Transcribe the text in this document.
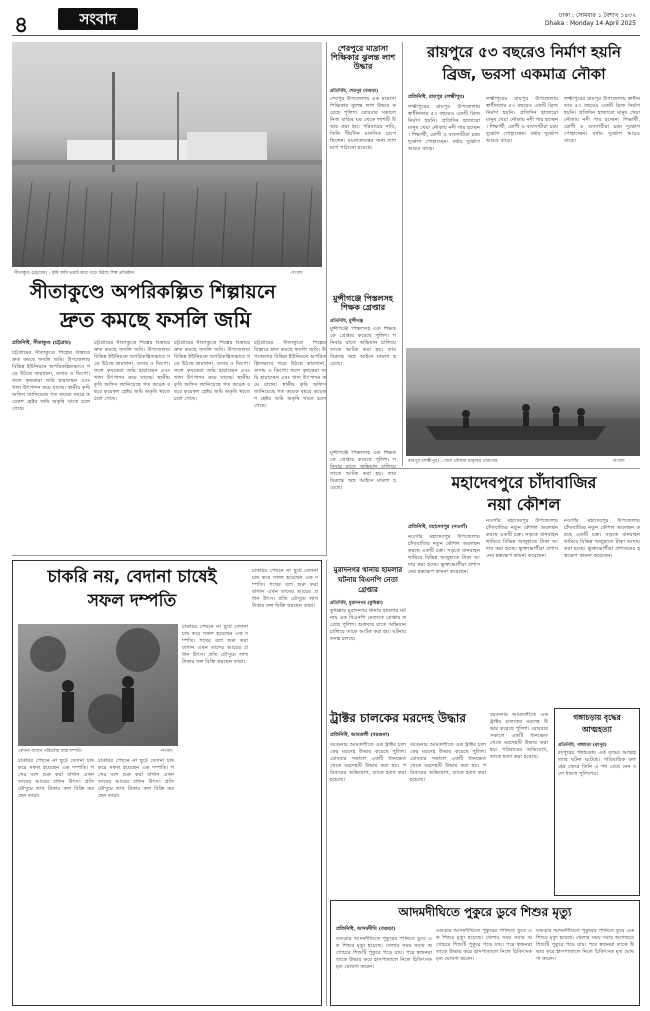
৪	সংবাদ	ঢাকা : সোমবার ১ বৈশাখ ১৪৩২
Dhaka : Monday 14 April 2025
সীতাকুণ্ড (চট্টগ্রাম) : কৃষি জমি ভরাট করে গড়ে উঠছে শিল্প প্রতিষ্ঠান	-সংবাদ
সীতাকুণ্ডে অপরিকল্পিত শিল্পায়নে
দ্রুত কমছে ফসলি জমি
প্রতিনিধি, সীতাকুণ্ড (চট্টগ্রাম)
চট্টগ্রামের সীতাকুণ্ডে শিল্পের বিস্তারে দ্রুত কমছে ফসলি জমি। উপজেলার বিভিন্ন ইউনিয়নে অপরিকল্পিতভাবে গড়ে উঠছে কারখানা, গুদাম ও ডিপো। ফলে কৃষকেরা জমি হারাচ্ছেন এবং খাদ্য উৎপাদন কমে যাচ্ছে। স্থানীয় কৃষি অফিস জানিয়েছে গত কয়েক বছরে কয়েকশ হেক্টর জমি অকৃষি খাতে চলে গেছে।
চট্টগ্রামের সীতাকুণ্ডে শিল্পের বিস্তারে দ্রুত কমছে ফসলি জমি। উপজেলার বিভিন্ন ইউনিয়নে অপরিকল্পিতভাবে গড়ে উঠছে কারখানা, গুদাম ও ডিপো। ফলে কৃষকেরা জমি হারাচ্ছেন এবং খাদ্য উৎপাদন কমে যাচ্ছে। স্থানীয় কৃষি অফিস জানিয়েছে গত কয়েক বছরে কয়েকশ হেক্টর জমি অকৃষি খাতে চলে গেছে।
চট্টগ্রামের সীতাকুণ্ডে শিল্পের বিস্তারে দ্রুত কমছে ফসলি জমি। উপজেলার বিভিন্ন ইউনিয়নে অপরিকল্পিতভাবে গড়ে উঠছে কারখানা, গুদাম ও ডিপো। ফলে কৃষকেরা জমি হারাচ্ছেন এবং খাদ্য উৎপাদন কমে যাচ্ছে। স্থানীয় কৃষি অফিস জানিয়েছে গত কয়েক বছরে কয়েকশ হেক্টর জমি অকৃষি খাতে চলে গেছে।
চট্টগ্রামের সীতাকুণ্ডে শিল্পের বিস্তারে দ্রুত কমছে ফসলি জমি। উপজেলার বিভিন্ন ইউনিয়নে অপরিকল্পিতভাবে গড়ে উঠছে কারখানা, গুদাম ও ডিপো। ফলে কৃষকেরা জমি হারাচ্ছেন এবং খাদ্য উৎপাদন কমে যাচ্ছে। স্থানীয় কৃষি অফিস জানিয়েছে গত কয়েক বছরে কয়েকশ হেক্টর জমি অকৃষি খাতে চলে গেছে।
শেরপুরে মাদ্রাসা শিক্ষিকার ঝুলন্ত লাশ উদ্ধার
প্রতিনিধি, শেরপুর (বগুড়া)
শেরপুর উপজেলায় এক মাদ্রাসা শিক্ষিকার ঝুলন্ত লাশ উদ্ধার করেছে পুলিশ। রোববার সকালে নিজ বাড়ির ঘর থেকে লাশটি উদ্ধার করা হয়। পরিবারের দাবি, তিনি দীর্ঘদিন মানসিক চাপে ছিলেন। ময়নাতদন্তের জন্য লাশ মর্গে পাঠানো হয়েছে।
মুন্সীগঞ্জে পিস্তলসহ শিক্ষক গ্রেপ্তার
প্রতিনিধি, মুন্সীগঞ্জ
মুন্সীগঞ্জে পিস্তলসহ এক শিক্ষককে গ্রেপ্তার করেছে পুলিশ। শনিবার রাতে অভিযান চালিয়ে তাকে আটক করা হয়। তার বিরুদ্ধে অস্ত্র আইনে মামলা হয়েছে।
রায়পুরে ৫৩ বছরেও নির্মাণ হয়নি
ব্রিজ, ভরসা একমাত্র নৌকা
প্রতিনিধি, রায়পুর (লক্ষ্মীপুর)
লক্ষ্মীপুরের রায়পুর উপজেলায় স্বাধীনতার ৫৩ বছরেও একটি ব্রিজ নির্মাণ হয়নি। প্রতিদিন হাজারো মানুষ খেয়া নৌকায় নদী পার হচ্ছেন। শিক্ষার্থী, রোগী ও ব্যবসায়ীরা চরম দুর্ভোগ পোহাচ্ছেন। বর্ষায় দুর্ভোগ আরও বাড়ে।
লক্ষ্মীপুরের রায়পুর উপজেলায় স্বাধীনতার ৫৩ বছরেও একটি ব্রিজ নির্মাণ হয়নি। প্রতিদিন হাজারো মানুষ খেয়া নৌকায় নদী পার হচ্ছেন। শিক্ষার্থী, রোগী ও ব্যবসায়ীরা চরম দুর্ভোগ পোহাচ্ছেন। বর্ষায় দুর্ভোগ আরও বাড়ে।
লক্ষ্মীপুরের রায়পুর উপজেলায় স্বাধীনতার ৫৩ বছরেও একটি ব্রিজ নির্মাণ হয়নি। প্রতিদিন হাজারো মানুষ খেয়া নৌকায় নদী পার হচ্ছেন। শিক্ষার্থী, রোগী ও ব্যবসায়ীরা চরম দুর্ভোগ পোহাচ্ছেন। বর্ষায় দুর্ভোগ আরও বাড়ে।
রায়পুর (লক্ষ্মীপুর) : খেয়া নৌকায় মানুষের পারাপার	-সংবাদ
মুন্সীগঞ্জে পিস্তলসহ এক শিক্ষককে গ্রেপ্তার করেছে পুলিশ। শনিবার রাতে অভিযান চালিয়ে তাকে আটক করা হয়। তার বিরুদ্ধে অস্ত্র আইনে মামলা হয়েছে।	মহাদেবপুরে চাঁদাবাজির
নয়া কৌশল
প্রতিনিধি, মহাদেবপুর (নওগাঁ)
নওগাঁর মহাদেবপুর উপজেলায় চাঁদাবাজির নতুন কৌশল অবলম্বন করছে একটি চক্র। সড়কে যানবাহন থামিয়ে বিভিন্ন অজুহাতে টাকা আদায় করা হচ্ছে। ভুক্তভোগীরা প্রশাসনের হস্তক্ষেপ কামনা করেছেন।
নওগাঁর মহাদেবপুর উপজেলায় চাঁদাবাজির নতুন কৌশল অবলম্বন করছে একটি চক্র। সড়কে যানবাহন থামিয়ে বিভিন্ন অজুহাতে টাকা আদায় করা হচ্ছে। ভুক্তভোগীরা প্রশাসনের হস্তক্ষেপ কামনা করেছেন।
নওগাঁর মহাদেবপুর উপজেলায় চাঁদাবাজির নতুন কৌশল অবলম্বন করছে একটি চক্র। সড়কে যানবাহন থামিয়ে বিভিন্ন অজুহাতে টাকা আদায় করা হচ্ছে। ভুক্তভোগীরা প্রশাসনের হস্তক্ষেপ কামনা করেছেন।
চাকরি নয়, বেদানা চাষেই
সফল দম্পতি
বেদানা বাগান পরিচর্যায় ব্যস্ত দম্পতি	-সংবাদ
চাকরির পেছনে না ছুটে বেদানা চাষ করে সফল হয়েছেন এক দম্পতি। শখের বশে শুরু করা বাগান এখন তাদের আয়ের প্রধান উৎস। প্রতি মৌসুমে লাখ টাকার ফল বিক্রি করছেন তারা।
চাকরির পেছনে না ছুটে বেদানা চাষ করে সফল হয়েছেন এক দম্পতি। শখের বশে শুরু করা বাগান এখন তাদের আয়ের প্রধান উৎস। প্রতি মৌসুমে লাখ টাকার ফল বিক্রি করছেন তারা।
চাকরির পেছনে না ছুটে বেদানা চাষ করে সফল হয়েছেন এক দম্পতি। শখের বশে শুরু করা বাগান এখন তাদের আয়ের প্রধান উৎস। প্রতি মৌসুমে লাখ টাকার ফল বিক্রি করছেন তারা।
চাকরির পেছনে না ছুটে বেদানা চাষ করে সফল হয়েছেন এক দম্পতি। শখের বশে শুরু করা বাগান এখন তাদের আয়ের প্রধান উৎস। প্রতি মৌসুমে লাখ টাকার ফল বিক্রি করছেন তারা।
মুরাদনগর থানায় হামলার
ঘটনায় বিএনপি নেতা
গ্রেপ্তার
প্রতিনিধি, মুরাদনগর (কুমিল্লা)
কুমিল্লার মুরাদনগর থানায় হামলার ঘটনায় এক বিএনপি নেতাকে গ্রেপ্তার করেছে পুলিশ। শুক্রবার রাতে অভিযান চালিয়ে তাকে আটক করা হয়। ঘটনার তদন্ত চলছে।
ট্রাক্টর চালকের মরদেহ উদ্ধার
প্রতিনিধি, আমতলী (বরগুনা)
বরগুনার আমতলীতে এক ট্রাক্টর চালকের মরদেহ উদ্ধার করেছে পুলিশ। রোববার সকালে একটি ধানক্ষেত থেকে মরদেহটি উদ্ধার করা হয়। পরিবারের অভিযোগ, তাকে হত্যা করা হয়েছে।
বরগুনার আমতলীতে এক ট্রাক্টর চালকের মরদেহ উদ্ধার করেছে পুলিশ। রোববার সকালে একটি ধানক্ষেত থেকে মরদেহটি উদ্ধার করা হয়। পরিবারের অভিযোগ, তাকে হত্যা করা হয়েছে।
বরগুনার আমতলীতে এক ট্রাক্টর চালকের মরদেহ উদ্ধার করেছে পুলিশ। রোববার সকালে একটি ধানক্ষেত থেকে মরদেহটি উদ্ধার করা হয়। পরিবারের অভিযোগ, তাকে হত্যা করা হয়েছে।
গঙ্গাচড়ায় বৃদ্ধের
আত্মহত্যা
প্রতিনিধি, গঙ্গাচড়া (রংপুর)
রংপুরের গঙ্গাচড়ায় এক বৃদ্ধের আত্মহত্যার ঘটনা ঘটেছে। পারিবারিক কলহের জেরে তিনি এ পথ বেছে নেন বলে ধারণা পুলিশের।
আদমদীঘিতে পুকুরে ডুবে শিশুর মৃত্যু
প্রতিনিধি, আদমদীঘি (বগুড়া)
বগুড়ার আদমদীঘিতে পুকুরের পানিতে ডুবে এক শিশুর মৃত্যু হয়েছে। খেলার সময় সবার অগোচরে শিশুটি পুকুরে পড়ে যায়। পরে স্বজনরা তাকে উদ্ধার করে হাসপাতালে নিলে চিকিৎসক মৃত ঘোষণা করেন।
বগুড়ার আদমদীঘিতে পুকুরের পানিতে ডুবে এক শিশুর মৃত্যু হয়েছে। খেলার সময় সবার অগোচরে শিশুটি পুকুরে পড়ে যায়। পরে স্বজনরা তাকে উদ্ধার করে হাসপাতালে নিলে চিকিৎসক মৃত ঘোষণা করেন।
বগুড়ার আদমদীঘিতে পুকুরের পানিতে ডুবে এক শিশুর মৃত্যু হয়েছে। খেলার সময় সবার অগোচরে শিশুটি পুকুরে পড়ে যায়। পরে স্বজনরা তাকে উদ্ধার করে হাসপাতালে নিলে চিকিৎসক মৃত ঘোষণা করেন।
